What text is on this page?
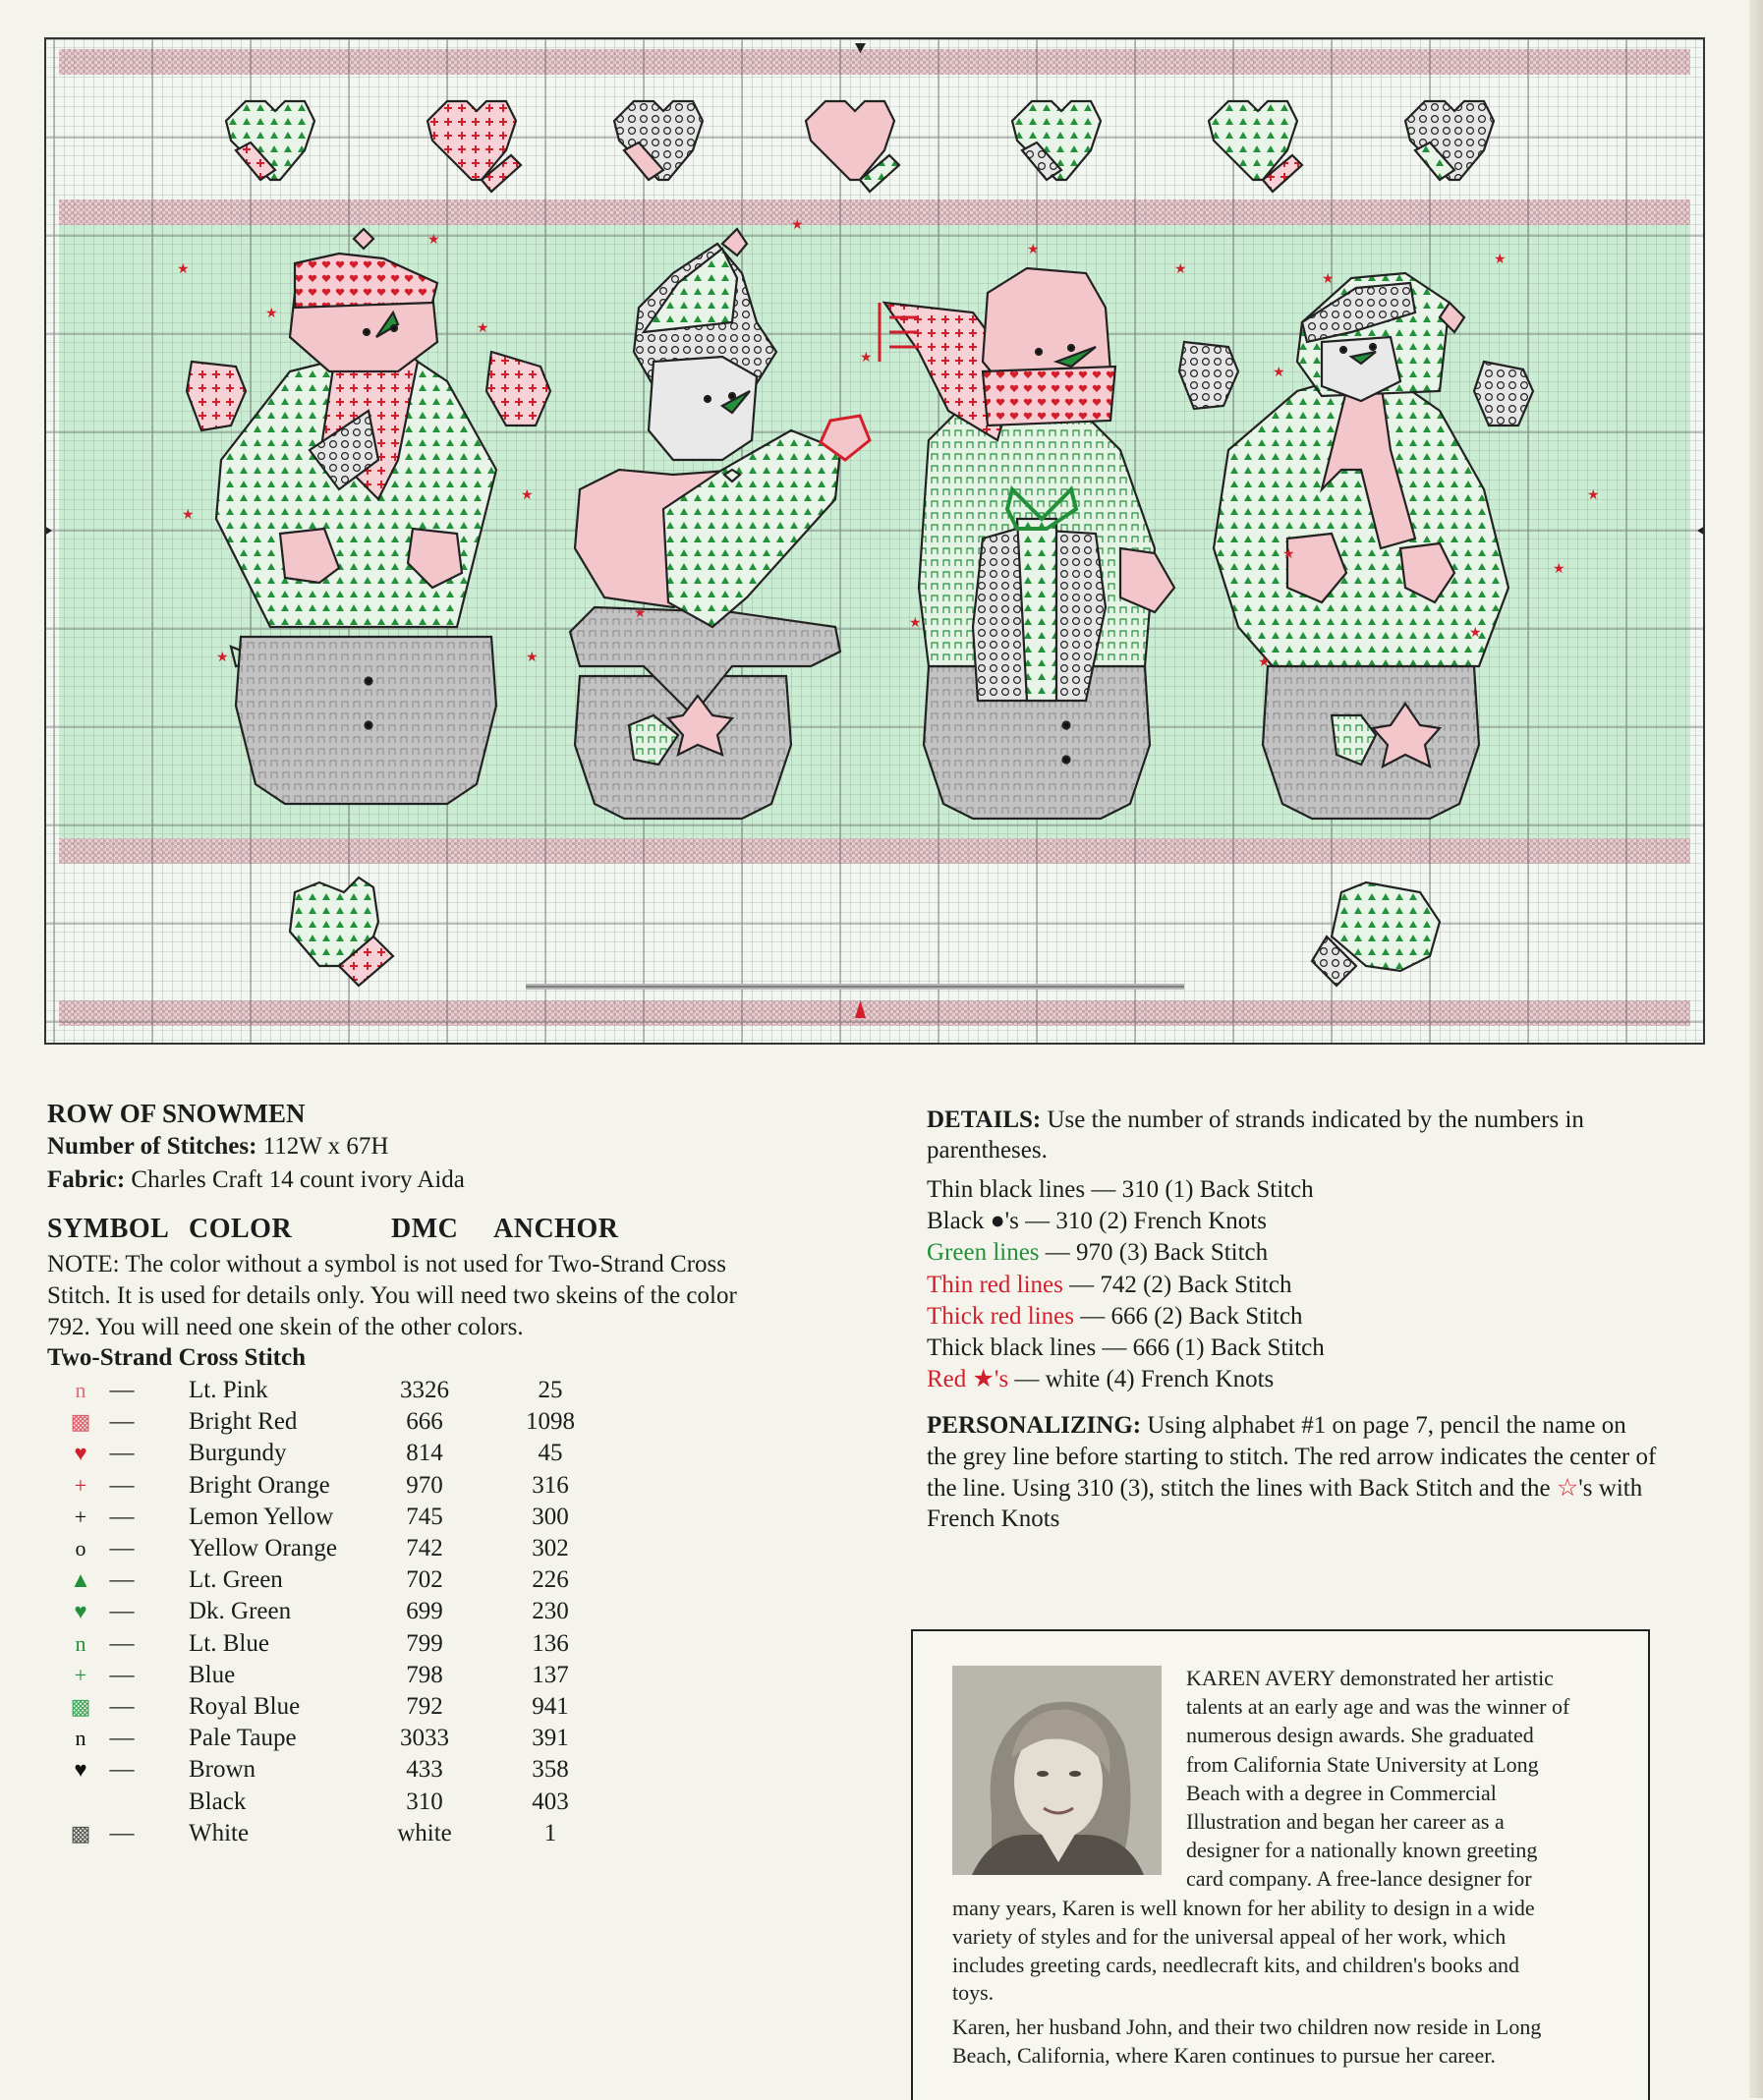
★
★
★
★
★
★
★	★
★
★
★
★
★
★
★
★
★
★
★
★
★
★
ROW OF SNOWMEN
Number of Stitches: 112W x 67H
Fabric: Charles Craft 14 count ivory Aida
SYMBOL COLOR	DMC ANCHOR
NOTE: The color without a symbol is not used for Two-Strand Cross
Stitch. It is used for details only. You will need two skeins of the color
792. You will need one skein of the other colors.
Two-Strand Cross Stitch
n —	Lt. Pink	3326	25
▩ —	Bright Red	666	1098
♥ —	Burgundy	814	45
+ —	Bright Orange	970	316
+ —	Lemon Yellow	745	300
o —	Yellow Orange	742	302
▲ —	Lt. Green	702	226
♥ —	Dk. Green	699	230
n —	Lt. Blue	799	136
+ —	Blue	798	137
▩ —	Royal Blue	792	941
n —	Pale Taupe	3033	391
♥ —	Brown	433	358
Black	310	403
▩ —	White	white	1
DETAILS: Use the number of strands indicated by the numbers in
parentheses.
Thin black lines — 310 (1) Back Stitch
Black ●'s — 310 (2) French Knots
Green lines — 970 (3) Back Stitch
Thin red lines — 742 (2) Back Stitch
Thick red lines — 666 (2) Back Stitch
Thick black lines — 666 (1) Back Stitch
Red ★'s — white (4) French Knots
PERSONALIZING: Using alphabet #1 on page 7, pencil the name on
the grey line before starting to stitch. The red arrow indicates the center of
the line. Using 310 (3), stitch the lines with Back Stitch and the ☆'s with
French Knots
KAREN AVERY demonstrated her artistic
talents at an early age and was the winner of
numerous design awards. She graduated
from California State University at Long
Beach with a degree in Commercial
Illustration and began her career as a
designer for a nationally known greeting
card company. A free-lance designer for
many years, Karen is well known for her ability to design in a wide
variety of styles and for the universal appeal of her work, which
includes greeting cards, needlecraft kits, and children's books and
toys.
Karen, her husband John, and their two children now reside in Long
Beach, California, where Karen continues to pursue her career.
